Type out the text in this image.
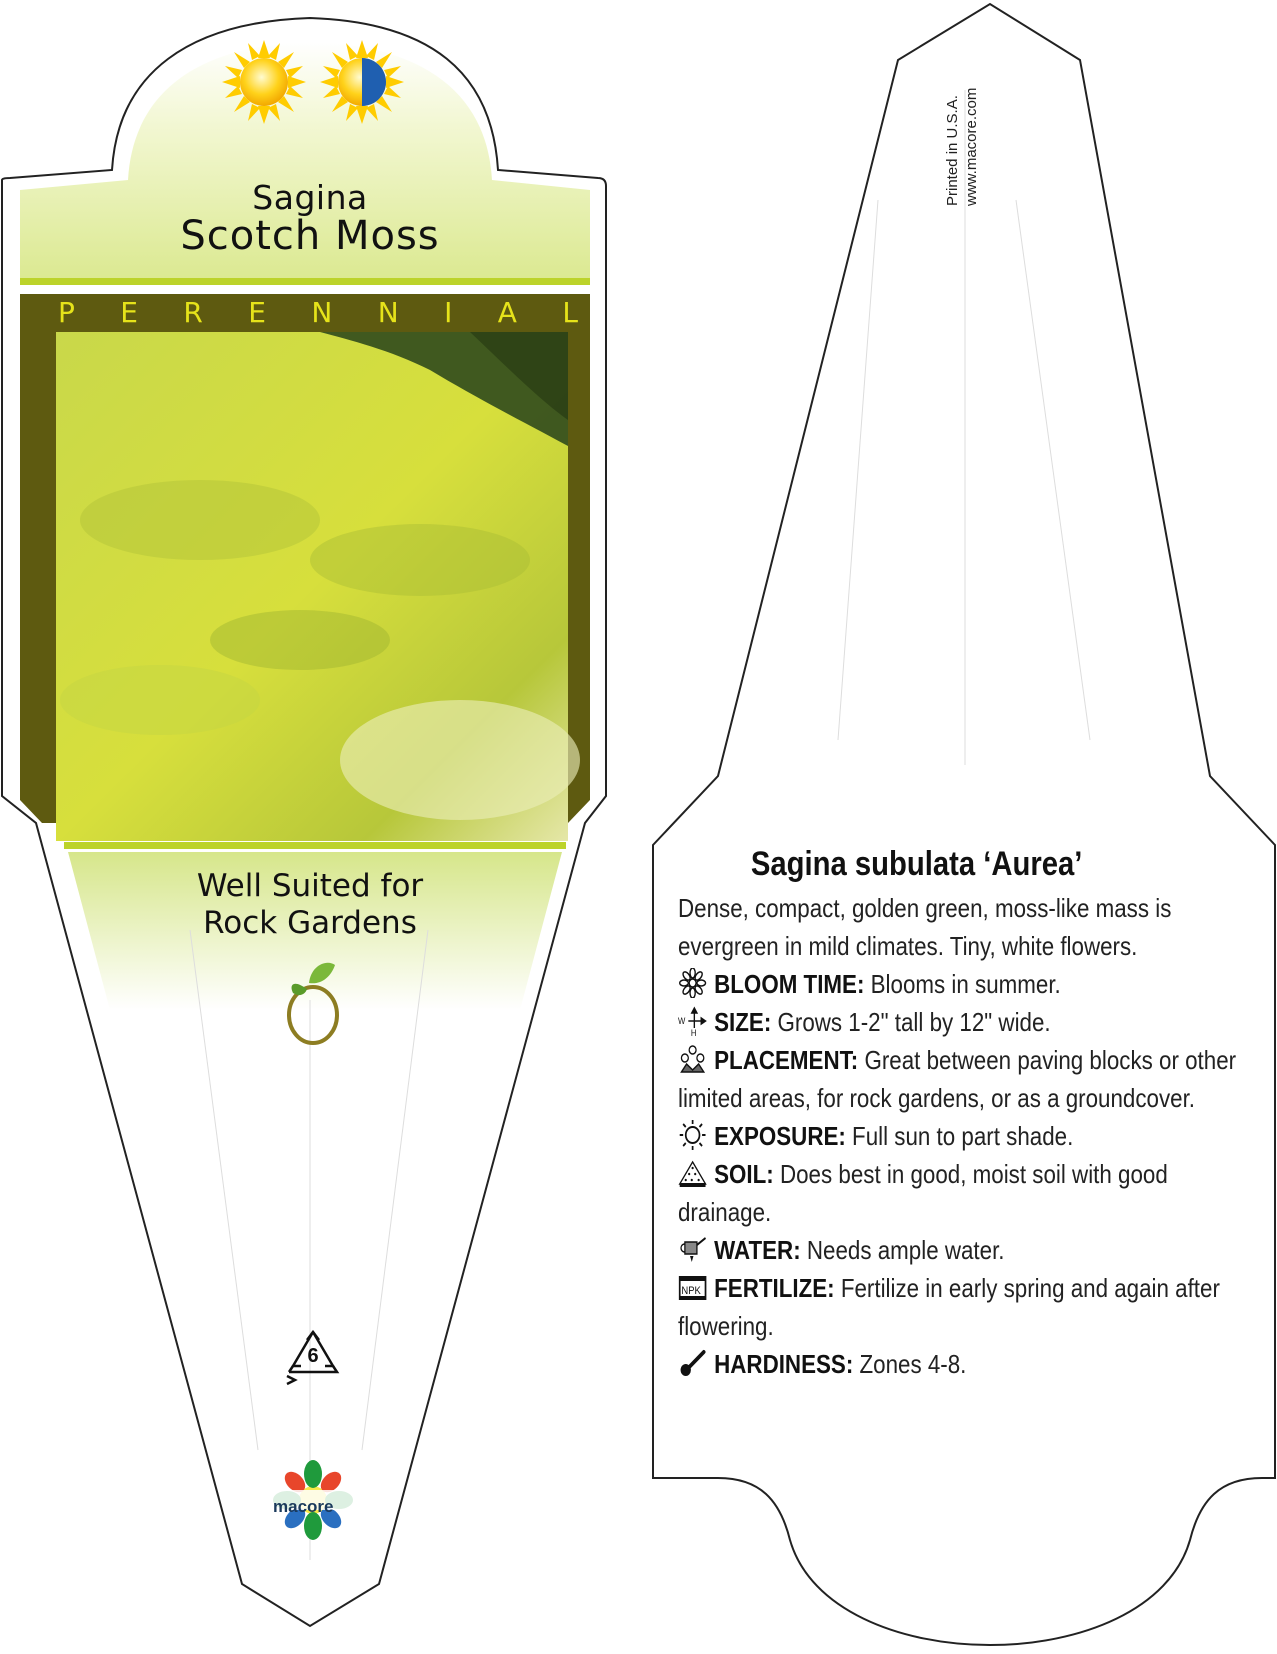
Sagina
Scotch Moss
P E R E N N I A L
Well Suited for
Rock Gardens
6
macore
Printed in U.S.A. www.macore.com
Sagina subulata ‘Aurea’

Dense, compact, golden green, moss-like mass is evergreen in mild climates. Tiny, white flowers.

BLOOM TIME: Blooms in summer.

W
H SIZE: Grows 1-2" tall by 12" wide.

PLACEMENT: Great between paving blocks or other limited areas, for rock gardens, or as a groundcover.

EXPOSURE: Full sun to part shade.

SOIL: Does best in good, moist soil with good drainage.

WATER: Needs ample water.

NPK FERTILIZE: Fertilize in early spring and again after flowering.

HARDINESS: Zones 4-8.
